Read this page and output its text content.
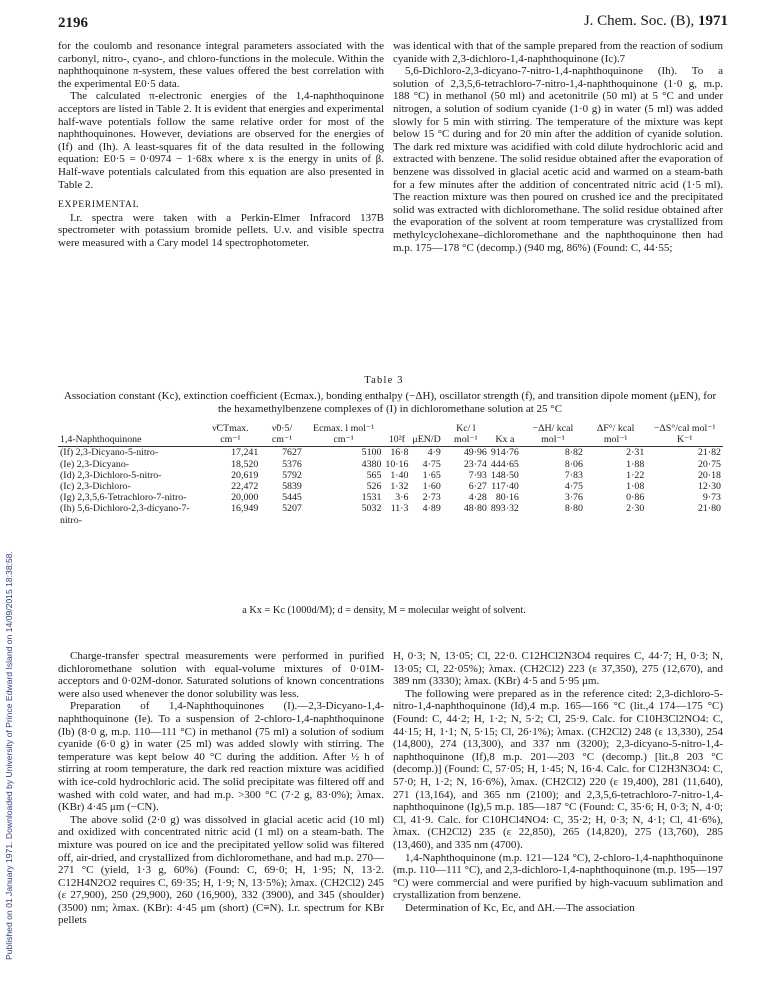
Published on 01 January 1971. Downloaded by University of Prince Edward Island on 14/09/2015 18:38:58.
2196	J. Chem. Soc. (B), 1971

for the coulomb and resonance integral parameters associated with the carbonyl, nitro-, cyano-, and chloro-functions in the molecule. Within the naphthoquinone π-system, these values offered the best correlation with the experimental E0·5 data.

The calculated π-electronic energies of the 1,4-naphthoquinone acceptors are listed in Table 2. It is evident that energies and experimental half-wave potentials follow the same relative order for most of the naphthoquinones. However, deviations are observed for the energies of (If) and (Ih). A least-squares fit of the data resulted in the following equation: E0·5 = 0·0974 − 1·68x where x is the energy in units of β. Half-wave potentials calculated from this equation are also presented in Table 2.

EXPERIMENTAL

I.r. spectra were taken with a Perkin-Elmer Infracord 137B spectrometer with potassium bromide pellets. U.v. and visible spectra were measured with a Cary model 14 spectrophotometer.

was identical with that of the sample prepared from the reaction of sodium cyanide with 2,3-dichloro-1,4-naphthoquinone (Ic).7

5,6-Dichloro-2,3-dicyano-7-nitro-1,4-naphthoquinone (Ih). To a solution of 2,3,5,6-tetrachloro-7-nitro-1,4-naphthoquinone (1·0 g, m.p. 188 °C) in methanol (50 ml) and acetonitrile (50 ml) at 5 °C and under nitrogen, a solution of sodium cyanide (1·0 g) in water (5 ml) was added slowly for 5 min with stirring. The temperature of the mixture was kept below 15 °C during and for 20 min after the addition of cyanide solution. The dark red mixture was acidified with cold dilute hydrochloric acid and extracted with benzene. The solid residue obtained after the evaporation of benzene was dissolved in glacial acetic acid and warmed on a steam-bath for a few minutes after the addition of concentrated nitric acid (1·5 ml). The reaction mixture was then poured on crushed ice and the precipitated solid was extracted with dichloromethane. The solid residue obtained after the evaporation of the solvent at room temperature was crystallized from methylcyclohexane–dichloromethane and the naphthoquinone then had m.p. 175—178 °C (decomp.) (940 mg, 86%) (Found: C, 44·55;

Table 3
Association constant (Kc), extinction coefficient (Ecmax.), bonding enthalpy (−ΔH), oscillator strength (f), and transition dipole moment (μEN), for the hexamethylbenzene complexes of (I) in dichloromethane solution at 25 °C
1,4-Naphthoquinone	ν̃CTmax. cm⁻¹	ν̃0·5/ cm⁻¹	Ecmax. l mol⁻¹ cm⁻¹	10²f	μEN/D	Kc/ l mol⁻¹	Kx a	−ΔH/ kcal mol⁻¹	ΔF°/ kcal mol⁻¹	−ΔS°/cal mol⁻¹ K⁻¹
(If) 2,3-Dicyano-5-nitro-	17,241	7627	5100	16·8	4·9	49·96	914·76	8·82	2·31	21·82
(Ie) 2,3-Dicyano-	18,520	5376	4380	10·16	4·75	23·74	444·65	8·06	1·88	20·75
(Id) 2,3-Dichloro-5-nitro-	20,619	5792	565	1·40	1·65	7·93	148·50	7·83	1·22	20·18
(Ic) 2,3-Dichloro-	22,472	5839	526	1·32	1·60	6·27	117·40	4·75	1·08	12·30
(Ig) 2,3,5,6-Tetrachloro-7-nitro-	20,000	5445	1531	3·6	2·73	4·28	80·16	3·76	0·86	9·73
(Ih) 5,6-Dichloro-2,3-dicyano-7-nitro-	16,949	5207	5032	11·3	4·89	48·80	893·32	8·80	2·30	21·80
a Kx = Kc (1000d/M); d = density, M = molecular weight of solvent.

Charge-transfer spectral measurements were performed in purified dichloromethane solution with equal-volume mixtures of 0·01M-acceptors and 0·02M-donor. Saturated solutions of known concentrations were also used whenever the donor solubility was less.

Preparation of 1,4-Naphthoquinones (I).—2,3-Dicyano-1,4-naphthoquinone (Ie). To a suspension of 2-chloro-1,4-naphthoquinone (Ib) (8·0 g, m.p. 110—111 °C) in methanol (75 ml) a solution of sodium cyanide (6·0 g) in water (25 ml) was added slowly with stirring. The temperature was kept below 40 °C during the addition. After ½ h of stirring at room temperature, the dark red reaction mixture was acidified with ice-cold hydrochloric acid. The solid precipitate was filtered off and washed with cold water, and had m.p. >300 °C (7·2 g, 83·0%); λmax. (KBr) 4·45 μm (−CN).

The above solid (2·0 g) was dissolved in glacial acetic acid (10 ml) and oxidized with concentrated nitric acid (1 ml) on a steam-bath. The mixture was poured on ice and the precipitated yellow solid was filtered off, air-dried, and crystallized from dichloromethane, and had m.p. 270—271 °C (yield, 1·3 g, 60%) (Found: C, 69·0; H, 1·95; N, 13·2. C12H4N2O2 requires C, 69·35; H, 1·9; N, 13·5%); λmax. (CH2Cl2) 245 (ε 27,900), 250 (29,900), 260 (16,900), 332 (3900), and 345 (shoulder) (3500) nm; λmax. (KBr): 4·45 μm (short) (C≡N). I.r. spectrum for KBr pellets

H, 0·3; N, 13·05; Cl, 22·0. C12HCl2N3O4 requires C, 44·7; H, 0·3; N, 13·05; Cl, 22·05%); λmax. (CH2Cl2) 223 (ε 37,350), 275 (12,670), and 389 nm (3330); λmax. (KBr) 4·5 and 5·95 μm.

The following were prepared as in the reference cited: 2,3-dichloro-5-nitro-1,4-naphthoquinone (Id),4 m.p. 165—166 °C (lit.,4 174—175 °C) (Found: C, 44·2; H, 1·2; N, 5·2; Cl, 25·9. Calc. for C10H3Cl2NO4: C, 44·15; H, 1·1; N, 5·15; Cl, 26·1%); λmax. (CH2Cl2) 248 (ε 13,330), 254 (14,800), 274 (13,300), and 337 nm (3200); 2,3-dicyano-5-nitro-1,4-naphthoquinone (If),8 m.p. 201—203 °C (decomp.) [lit.,8 203 °C (decomp.)] (Found: C, 57·05; H, 1·45; N, 16·4. Calc. for C12H3N3O4: C, 57·0; H, 1·2; N, 16·6%), λmax. (CH2Cl2) 220 (ε 19,400), 281 (11,640), 271 (13,164), and 365 nm (2100); and 2,3,5,6-tetrachloro-7-nitro-1,4-naphthoquinone (Ig),5 m.p. 185—187 °C (Found: C, 35·6; H, 0·3; N, 4·0; Cl, 41·9. Calc. for C10HCl4NO4: C, 35·2; H, 0·3; N, 4·1; Cl, 41·6%), λmax. (CH2Cl2) 235 (ε 22,850), 265 (14,820), 275 (13,760), 285 (13,460), and 335 nm (4700).

1,4-Naphthoquinone (m.p. 121—124 °C), 2-chloro-1,4-naphthoquinone (m.p. 110—111 °C), and 2,3-dichloro-1,4-naphthoquinone (m.p. 195—197 °C) were commercial and were purified by high-vacuum sublimation and crystallization from benzene.

Determination of Kc, Ec, and ΔH.—The association
